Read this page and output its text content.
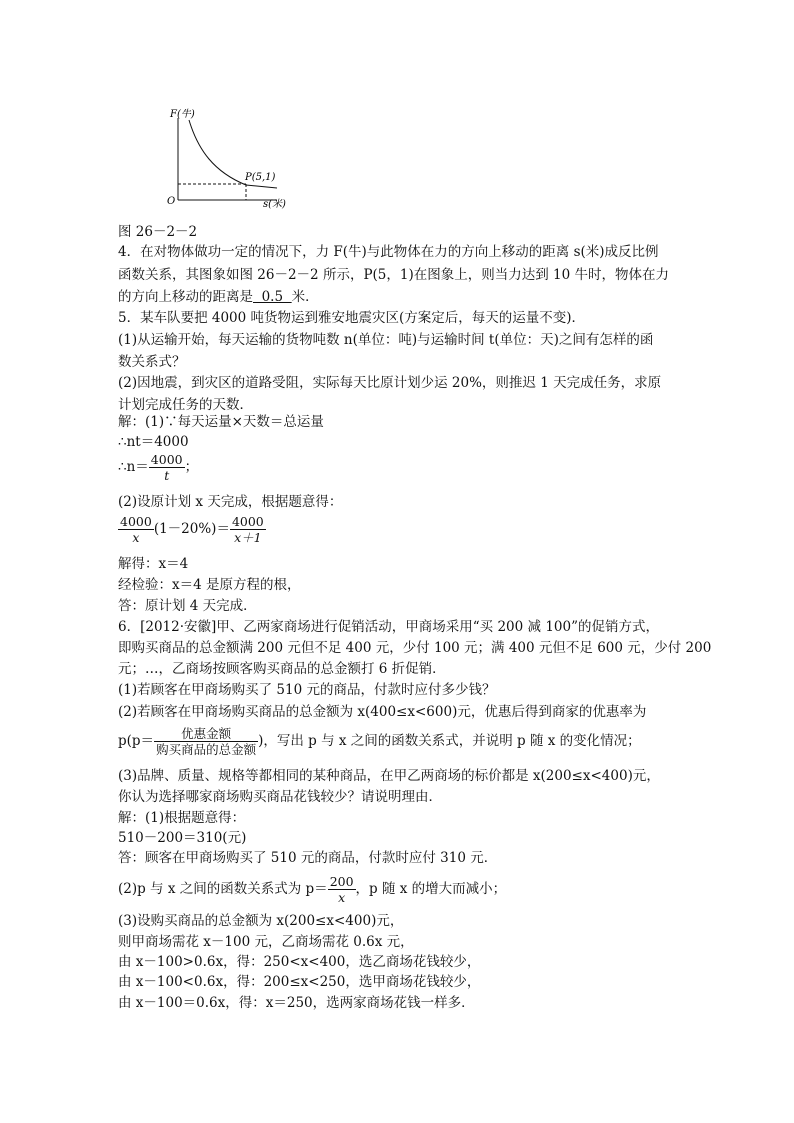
F(牛)
s(米)
O
P(5,1)
图 26－2－2
4．在对物体做功一定的情况下，力 F(牛)与此物体在力的方向上移动的距离 s(米)成反比例
函数关系，其图象如图 26－2－2 所示，P(5，1)在图象上，则当力达到 10 牛时，物体在力
的方向上移动的距离是  0.5  米．
5．某车队要把 4000 吨货物运到雅安地震灾区(方案定后，每天的运量不变)．
(1)从运输开始，每天运输的货物吨数 n(单位：吨)与运输时间 t(单位：天)之间有怎样的函
数关系式？
(2)因地震，到灾区的道路受阻，实际每天比原计划少运 20%，则推迟 1 天完成任务，求原
计划完成任务的天数．
解：(1)∵每天运量×天数＝总运量
∴nt＝4000
∴n＝ $\frac{4000}{t}$ ；
(2)设原计划 x 天完成，根据题意得：
$\frac{4000}{x} (1-20\%)= \frac{4000}{x+1}$
解得：x＝4
经检验：x＝4 是原方程的根，
答：原计划 4 天完成．
6．[2012·安徽]甲、乙两家商场进行促销活动，甲商场采用“买 200 减 100”的促销方式，
即购买商品的总金额满 200 元但不足 400 元，少付 100 元；满 400 元但不足 600 元，少付 200
元；…，乙商场按顾客购买商品的总金额打 6 折促销．
(1)若顾客在甲商场购买了 510 元的商品，付款时应付多少钱？
(2)若顾客在甲商场购买商品的总金额为 x(400≤x<600)元，优惠后得到商家的优惠率为
$p(p= \frac{\text{优惠金额}}{\text{购买商品的总金额}}$ )，写出 p 与 x 之间的函数关系式，并说明 p 随 x 的变化情况；
(3)品牌、质量、规格等都相同的某种商品，在甲乙两商场的标价都是 x(200≤x<400)元，
你认为选择哪家商场购买商品花钱较少？请说明理由．
解：(1)根据题意得：
510－200＝310(元)
答：顾客在甲商场购买了 510 元的商品，付款时应付 310 元．
(2)p 与 x 之间的函数关系式为 $p= \frac{200}{x}$ ，p 随 x 的增大而减小；
(3)设购买商品的总金额为 x(200≤x<400)元，
则甲商场需花 x－100 元，乙商场需花 0.6x 元，
由 x－100>0.6x，得：250<x<400，选乙商场花钱较少，
由 x－100<0.6x，得：200≤x<250，选甲商场花钱较少，
由 x－100＝0.6x，得：x＝250，选两家商场花钱一样多．
